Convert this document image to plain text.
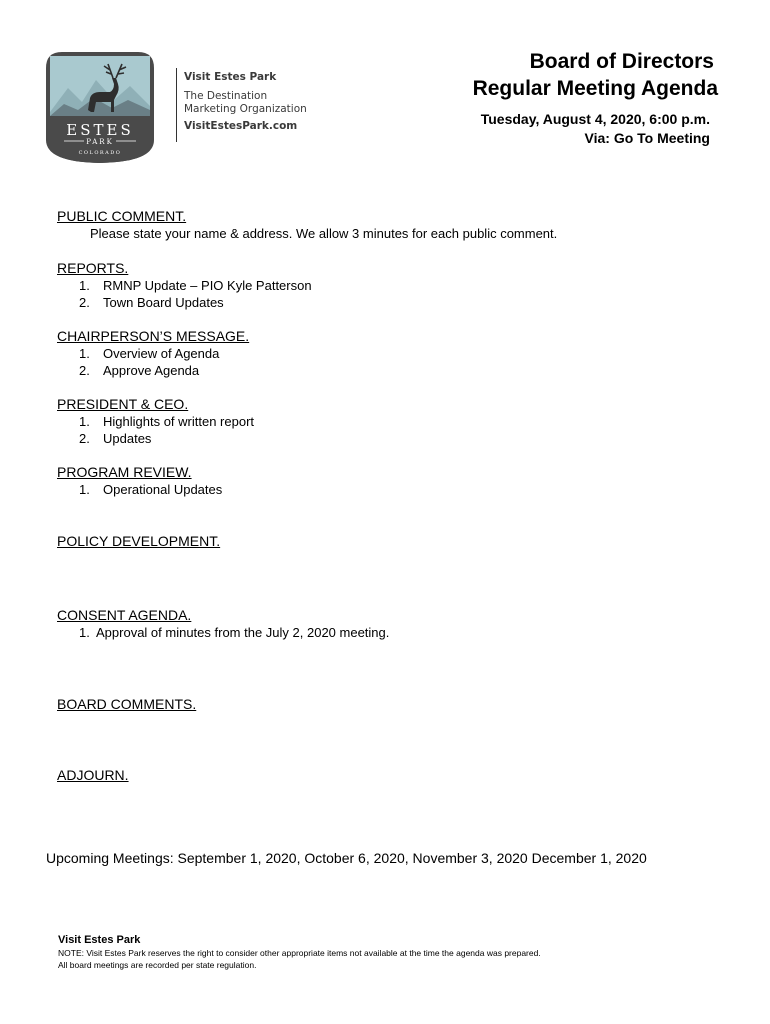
ESTES
PARK
COLORADO
Visit Estes Park
The Destination
Marketing Organization
VisitEstesPark.com
Board of Directors
Regular Meeting Agenda
Tuesday, August 4, 2020, 6:00 p.m.
Via: Go To Meeting
PUBLIC COMMENT.
Please state your name & address. We allow 3 minutes for each public comment.
REPORTS.
1. RMNP Update – PIO Kyle Patterson
2. Town Board Updates
CHAIRPERSON’S MESSAGE.
1. Overview of Agenda
2. Approve Agenda
PRESIDENT & CEO.
1. Highlights of written report
2. Updates
PROGRAM REVIEW.
1. Operational Updates
POLICY DEVELOPMENT.
CONSENT AGENDA.
1. Approval of minutes from the July 2, 2020 meeting.
BOARD COMMENTS.
ADJOURN.
Upcoming Meetings: September 1, 2020, October 6, 2020, November 3, 2020 December 1, 2020
Visit Estes Park
NOTE: Visit Estes Park reserves the right to consider other appropriate items not available at the time the agenda was prepared.
All board meetings are recorded per state regulation.
